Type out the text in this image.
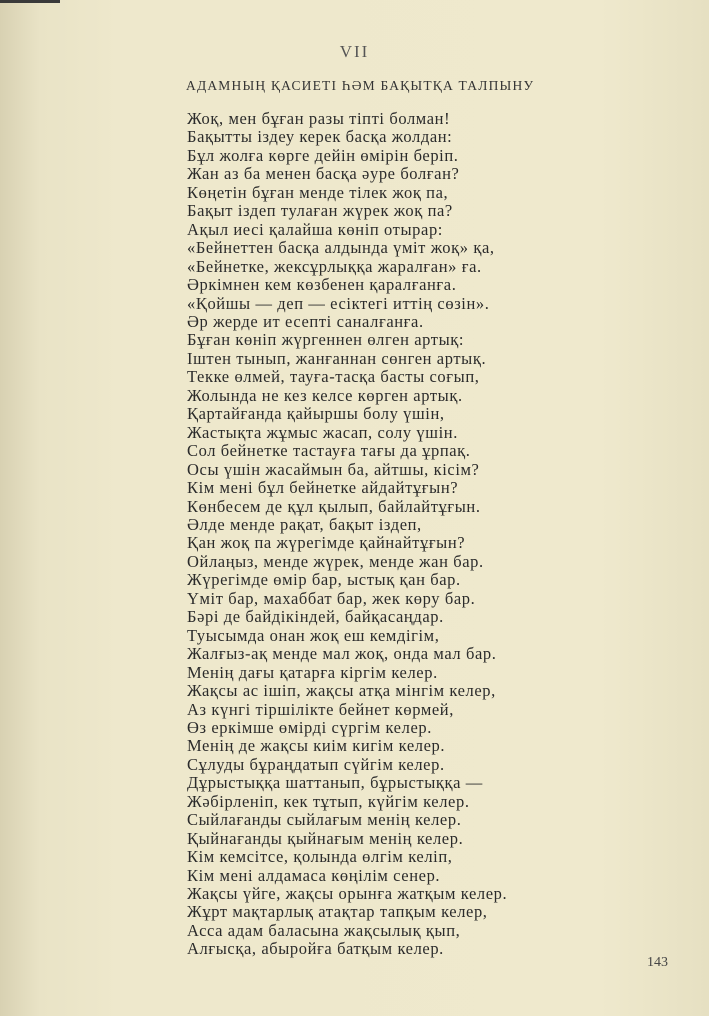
VII
АДАМНЫҢ ҚАСИЕТІ ҺӘМ БАҚЫТҚА ТАЛПЫНУ
Жоқ, мен бұған разы тіпті болман!
Бақытты іздеу керек басқа жолдан:
Бұл жолға көрге дейін өмірін беріп.
Жан аз ба менен басқа әуре болған?
Көңетін бұған менде тілек жоқ па,
Бақыт іздеп тулаған жүрек жоқ па?
Ақыл иесі қалайша көніп отырар:
«Бейнеттен басқа алдында үміт жоқ» қа,
«Бейнетке, жексұрлыққа жаралған» ға.
Әркімнен кем көзбенен қаралғанға.
«Қойшы — деп — есіктегі иттің сөзін».
Әр жерде ит есепті саналғанға.
Бұған көніп жүргеннен өлген артық:
Іштен тынып, жанғаннан сөнген артық.
Текке өлмей, тауға-тасқа басты соғып,
Жолында не кез келсе көрген артық.
Қартайғанда қайыршы болу үшін,
Жастықта жұмыс жасап, солу үшін.
Сол бейнетке тастауға тағы да ұрпақ.
Осы үшін жасаймын ба, айтшы, кісім?
Кім мені бұл бейнетке айдайтұғын?
Көнбесем де құл қылып, байлайтұғын.
Әлде менде рақат, бақыт іздеп,
Қан жоқ па жүрегімде қайнайтұғын?
Ойлаңыз, менде жүрек, менде жан бар.
Жүрегімде өмір бар, ыстық қан бар.
Үміт бар, махаббат бар, жек көру бар.
Бәрі де байдікіндей, байқасаңдар.
Туысымда онан жоқ еш кемдігім,
Жалғыз-ақ менде мал жоқ, онда мал бар.
Менің дағы қатарға кіргім келер.
Жақсы ас ішіп, жақсы атқа мінгім келер,
Аз күнгі тіршілікте бейнет көрмей,
Өз еркімше өмірді сүргім келер.
Менің де жақсы киім кигім келер.
Сұлуды бұраңдатып сүйгім келер.
Дұрыстыққа шаттанып, бұрыстыққа —
Жәбірленіп, кек тұтып, күйгім келер.
Сыйлағанды сыйлағым менің келер.
Қыйнағанды қыйнағым менің келер.
Кім кемсітсе, қолында өлгім келіп,
Кім мені алдамаса көңілім сенер.
Жақсы үйге, жақсы орынға жатқым келер.
Жұрт мақтарлық атақтар тапқым келер,
Асса адам баласына жақсылық қып,
Алғысқа, абыройға батқым келер.
143
